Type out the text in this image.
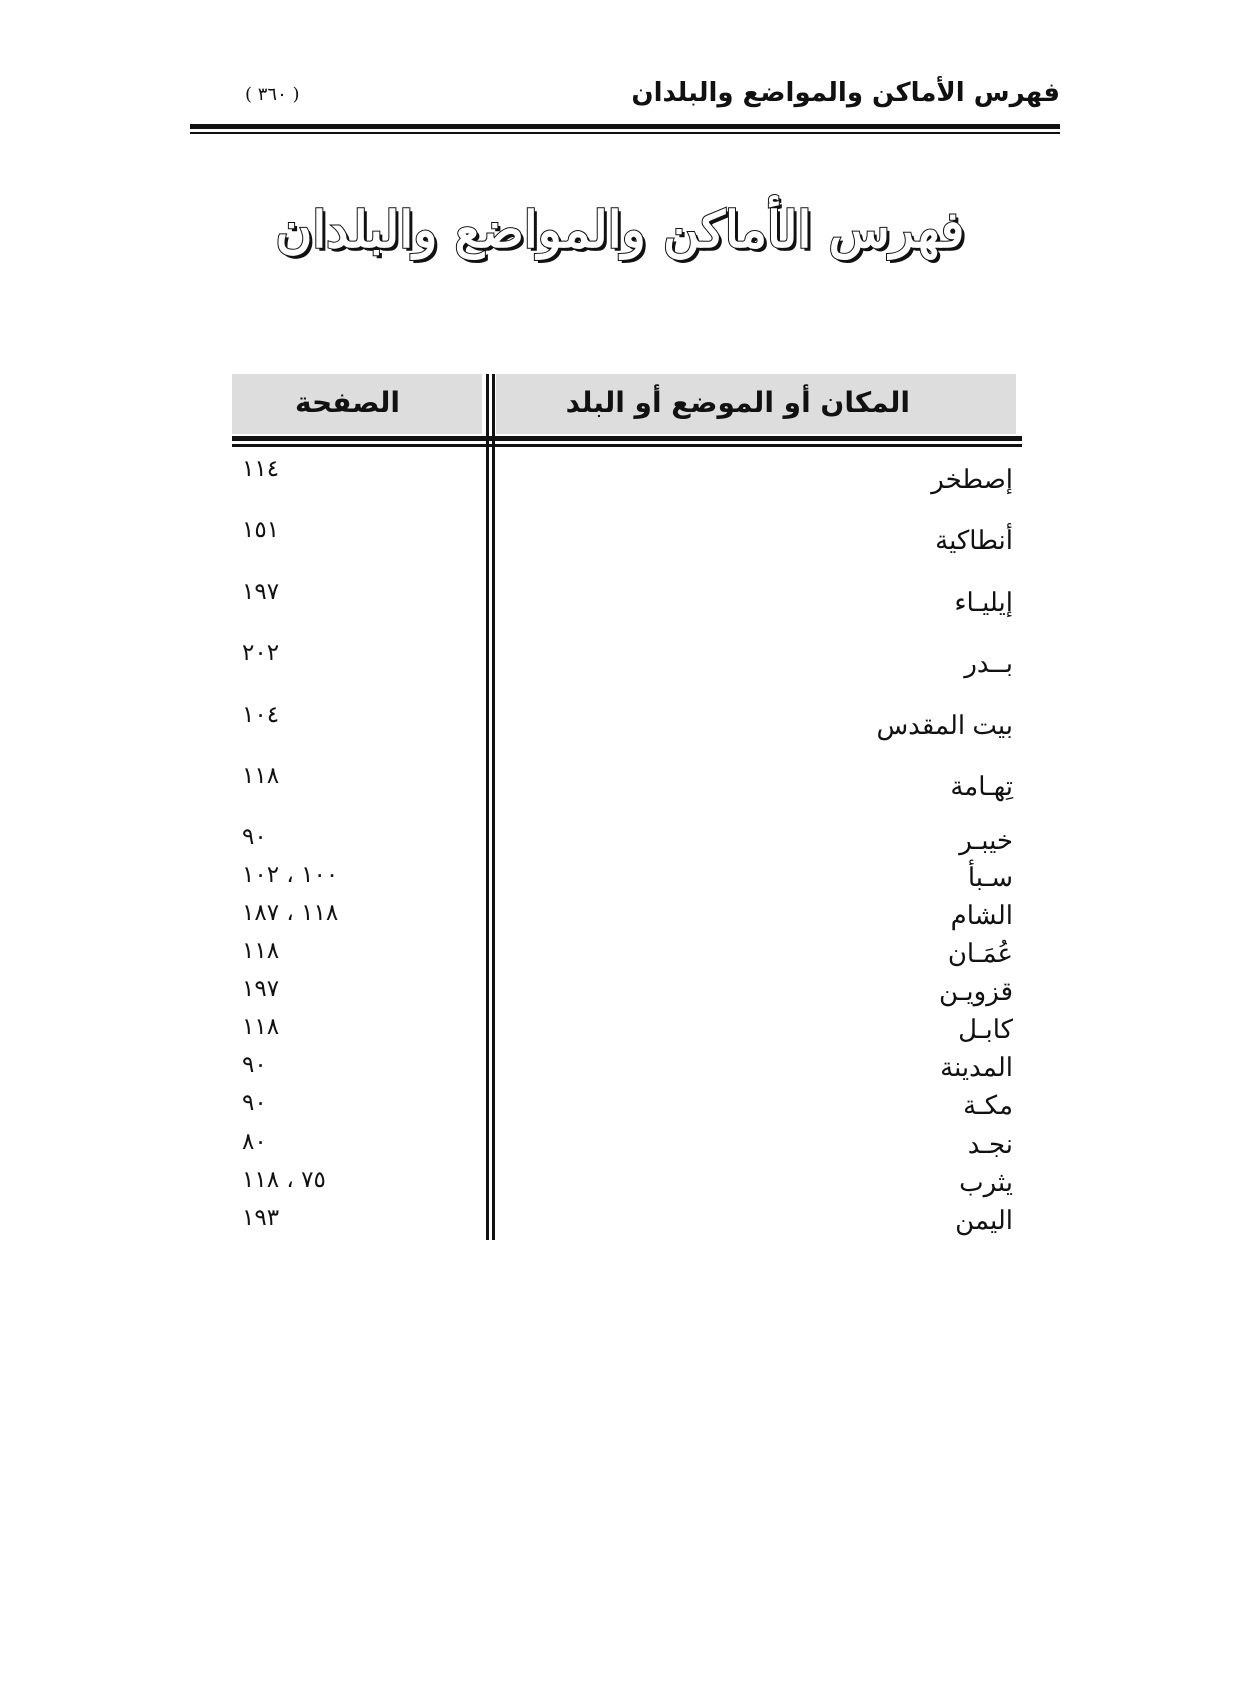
فهرس الأماكن والمواضع والبلدان
( ٣٦٠ )
فهرس الأماكن والمواضع والبلدان
المكان أو الموضع أو البلد
الصفحة
إصطخر
١١٤
أنطاكية
١٥١
إيليـاء
١٩٧
بــدر
٢٠٢
بيت المقدس
١٠٤
تِهـامة
١١٨
خيبـر
٩٠
سـبأ
١٠٠ ، ١٠٢
الشام
١١٨ ، ١٨٧
عُمَـان
١١٨
قزويـن
١٩٧
كابـل
١١٨
المدينة
٩٠
مكـة
٩٠
نجـد
٨٠
يثرب
٧٥ ، ١١٨
اليمن
١٩٣
